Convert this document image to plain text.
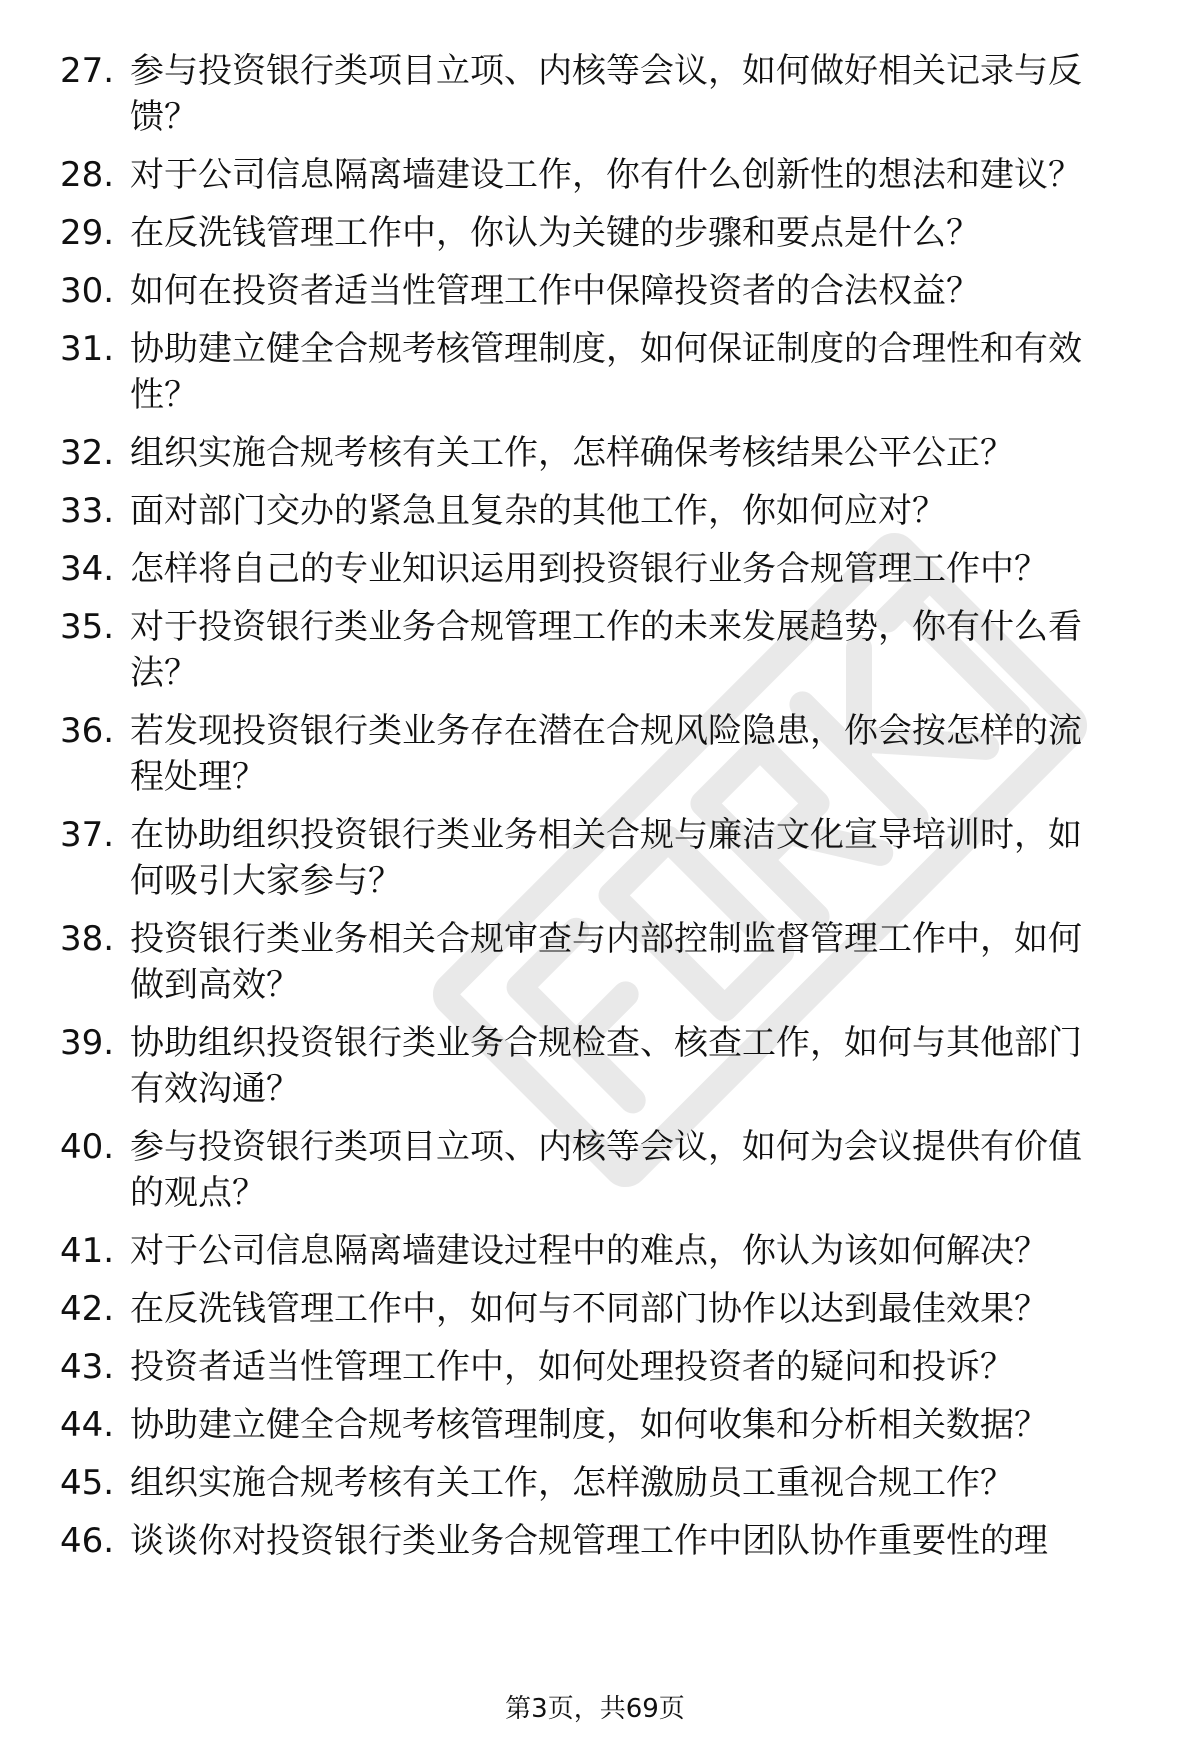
27. 参与投资银行类项目立项、内核等会议，如何做好相关记录与反
馈？
28. 对于公司信息隔离墙建设工作，你有什么创新性的想法和建议？
29. 在反洗钱管理工作中，你认为关键的步骤和要点是什么？
30. 如何在投资者适当性管理工作中保障投资者的合法权益？
31. 协助建立健全合规考核管理制度，如何保证制度的合理性和有效
性？
32. 组织实施合规考核有关工作，怎样确保考核结果公平公正？
33. 面对部门交办的紧急且复杂的其他工作，你如何应对？
34. 怎样将自己的专业知识运用到投资银行业务合规管理工作中？
35. 对于投资银行类业务合规管理工作的未来发展趋势，你有什么看
法？
36. 若发现投资银行类业务存在潜在合规风险隐患，你会按怎样的流
程处理？
37. 在协助组织投资银行类业务相关合规与廉洁文化宣导培训时，如
何吸引大家参与？
38. 投资银行类业务相关合规审查与内部控制监督管理工作中，如何
做到高效？
39. 协助组织投资银行类业务合规检查、核查工作，如何与其他部门
有效沟通？
40. 参与投资银行类项目立项、内核等会议，如何为会议提供有价值
的观点？
41. 对于公司信息隔离墙建设过程中的难点，你认为该如何解决？
42. 在反洗钱管理工作中，如何与不同部门协作以达到最佳效果？
43. 投资者适当性管理工作中，如何处理投资者的疑问和投诉？
44. 协助建立健全合规考核管理制度，如何收集和分析相关数据？
45. 组织实施合规考核有关工作，怎样激励员工重视合规工作？
46. 谈谈你对投资银行类业务合规管理工作中团队协作重要性的理
第3页，共69页
